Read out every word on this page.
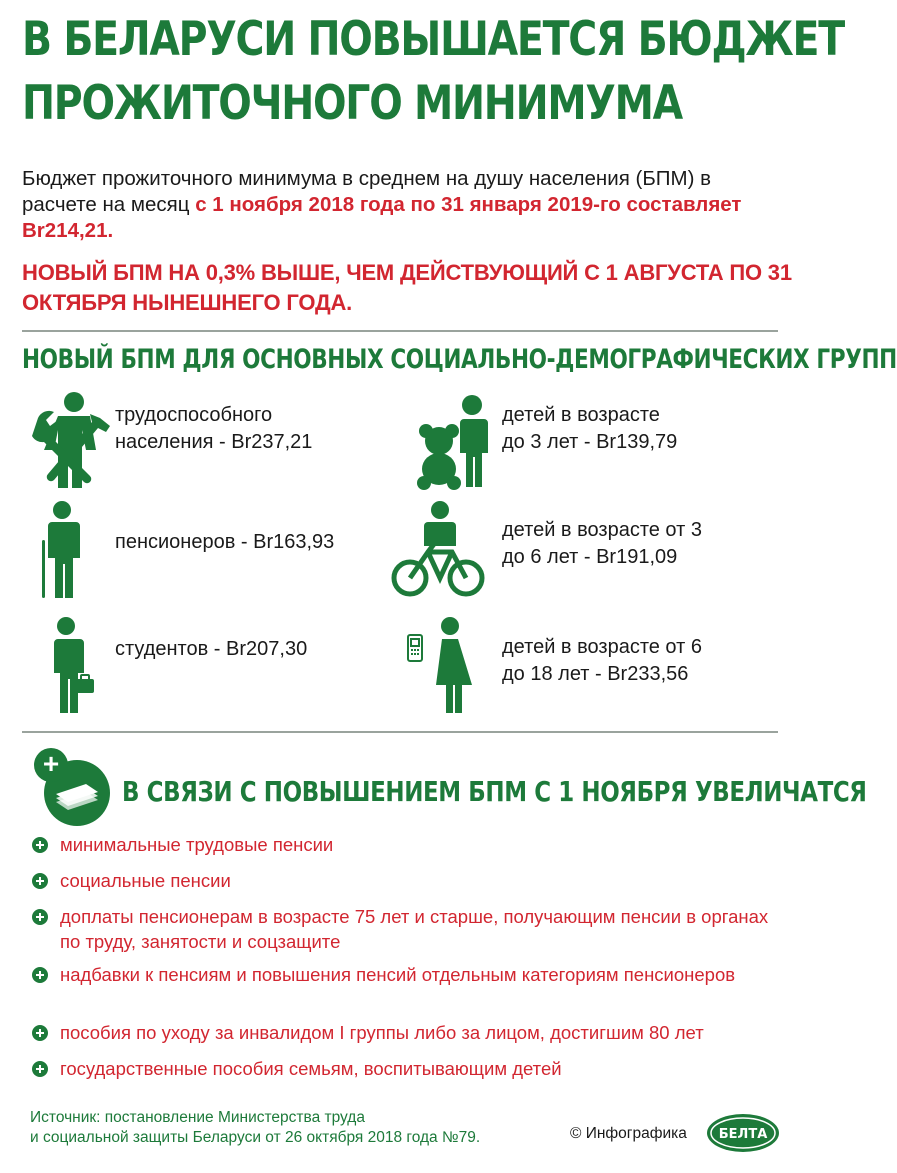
В БЕЛАРУСИ ПОВЫШАЕТСЯ БЮДЖЕТ
ПРОЖИТОЧНОГО МИНИМУМА
Бюджет прожиточного минимума в среднем на душу населения (БПМ) в расчете на месяц с 1 ноября 2018 года по 31 января 2019-го составляет Br214,21.
НОВЫЙ БПМ НА 0,3% ВЫШЕ, ЧЕМ ДЕЙСТВУЮЩИЙ С 1 АВГУСТА ПО 31 ОКТЯБРЯ НЫНЕШНЕГО ГОДА.
НОВЫЙ БПМ ДЛЯ ОСНОВНЫХ СОЦИАЛЬНО-ДЕМОГРАФИЧЕСКИХ ГРУПП
трудоспособного
населения - Br237,21
пенсионеров - Br163,93
студентов - Br207,30
детей в возрасте
до 3 лет - Br139,79
детей в возрасте от 3
до 6 лет - Br191,09
детей в возрасте от 6
до 18 лет - Br233,56
+
В СВЯЗИ С ПОВЫШЕНИЕМ БПМ С 1 НОЯБРЯ УВЕЛИЧАТСЯ
минимальные трудовые пенсии
социальные пенсии
доплаты пенсионерам в возрасте 75 лет и старше, получающим пенсии в органах по труду, занятости и соцзащите
надбавки к пенсиям и повышения пенсий отдельным категориям пенсионеров
пособия по уходу за инвалидом I группы либо за лицом, достигшим 80 лет
государственные пособия семьям, воспитывающим детей
Источник: постановление Министерства труда
и социальной защиты Беларуси от 26 октября 2018 года №79.	© Инфографика БЕЛТА
